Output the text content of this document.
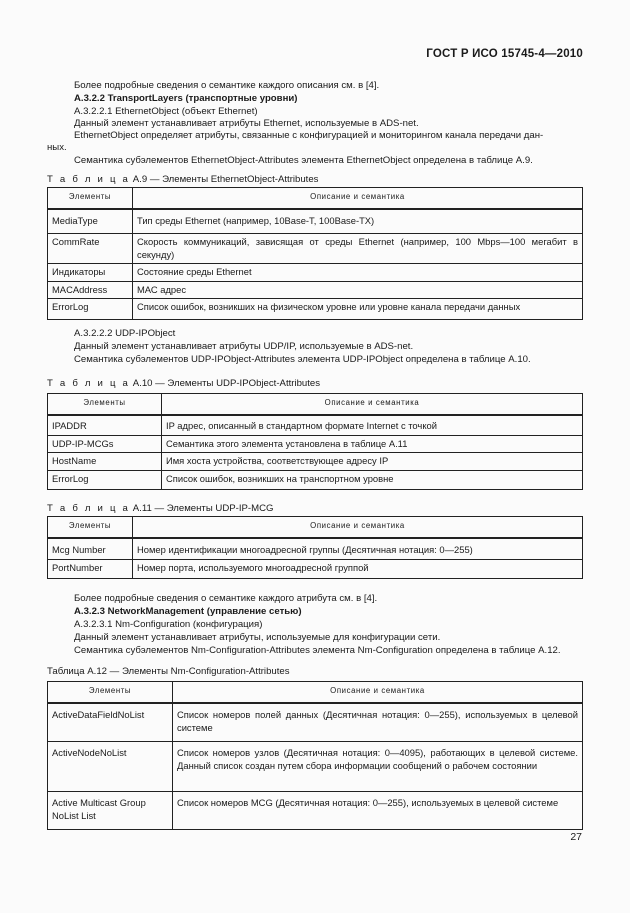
ГОСТ Р ИСО 15745-4—2010
Более подробные сведения о семантике каждого описания см. в [4].
A.3.2.2 TransportLayers (транспортные уровни)
A.3.2.2.1 EthernetObject (объект Ethernet)
Данный элемент устанавливает атрибуты Ethernet, используемые в ADS-net.
EthernetObject определяет атрибуты, связанные с конфигурацией и мониторингом канала передачи дан-
ных.
Семантика субэлементов EthernetObject-Attributes элемента EthernetObject определена в таблице A.9.
Т а б л и ц а A.9 — Элементы EthernetObject-Attributes
Элементы	Описание и семантика
MediaType	Тип среды Ethernet (например, 10Base-T, 100Base-TX)
CommRate	Скорость коммуникаций, зависящая от среды Ethernet (например, 100 Mbps—100 мегабит в секунду)
Индикаторы	Состояние среды Ethernet
MACAddress	МАС адрес
ErrorLog	Список ошибок, возникших на физическом уровне или уровне канала передачи данных
A.3.2.2.2 UDP-IPObject
Данный элемент устанавливает атрибуты UDP/IP, используемые в ADS-net.
Семантика субэлементов UDP-IPObject-Attributes элемента UDP-IPObject определена в таблице A.10.
Т а б л и ц а A.10 — Элементы UDP-IPObject-Attributes
Элементы	Описание и семантика
IPADDR	IP адрес, описанный в стандартном формате Internet с точкой
UDP-IP-MCGs	Семантика этого элемента установлена в таблице A.11
HostName	Имя хоста устройства, соответствующее адресу IP
ErrorLog	Список ошибок, возникших на транспортном уровне
Т а б л и ц а A.11 — Элементы UDP-IP-MCG
Элементы	Описание и семантика
Mcg Number	Номер идентификации многоадресной группы (Десятичная нотация: 0—255)
PortNumber	Номер порта, используемого многоадресной группой
Более подробные сведения о семантике каждого атрибута см. в [4].
A.3.2.3 NetworkManagement (управление сетью)
A.3.2.3.1 Nm-Configuration (конфигурация)
Данный элемент устанавливает атрибуты, используемые для конфигурации сети.
Семантика субэлементов Nm-Configuration-Attributes элемента Nm-Configuration определена в таблице A.12.
Таблица A.12 — Элементы Nm-Configuration-Attributes
Элементы	Описание и семантика
ActiveDataFieldNoList	Список номеров полей данных (Десятичная нотация: 0—255), используемых в целевой системе
ActiveNodeNoList	Список номеров узлов (Десятичная нотация: 0—4095), работающих в целевой системе. Данный список создан путем сбора информации сообщений о рабочем состоянии
Active Multicast Group NoList List	Список номеров MCG (Десятичная нотация: 0—255), используемых в целевой системе
27
